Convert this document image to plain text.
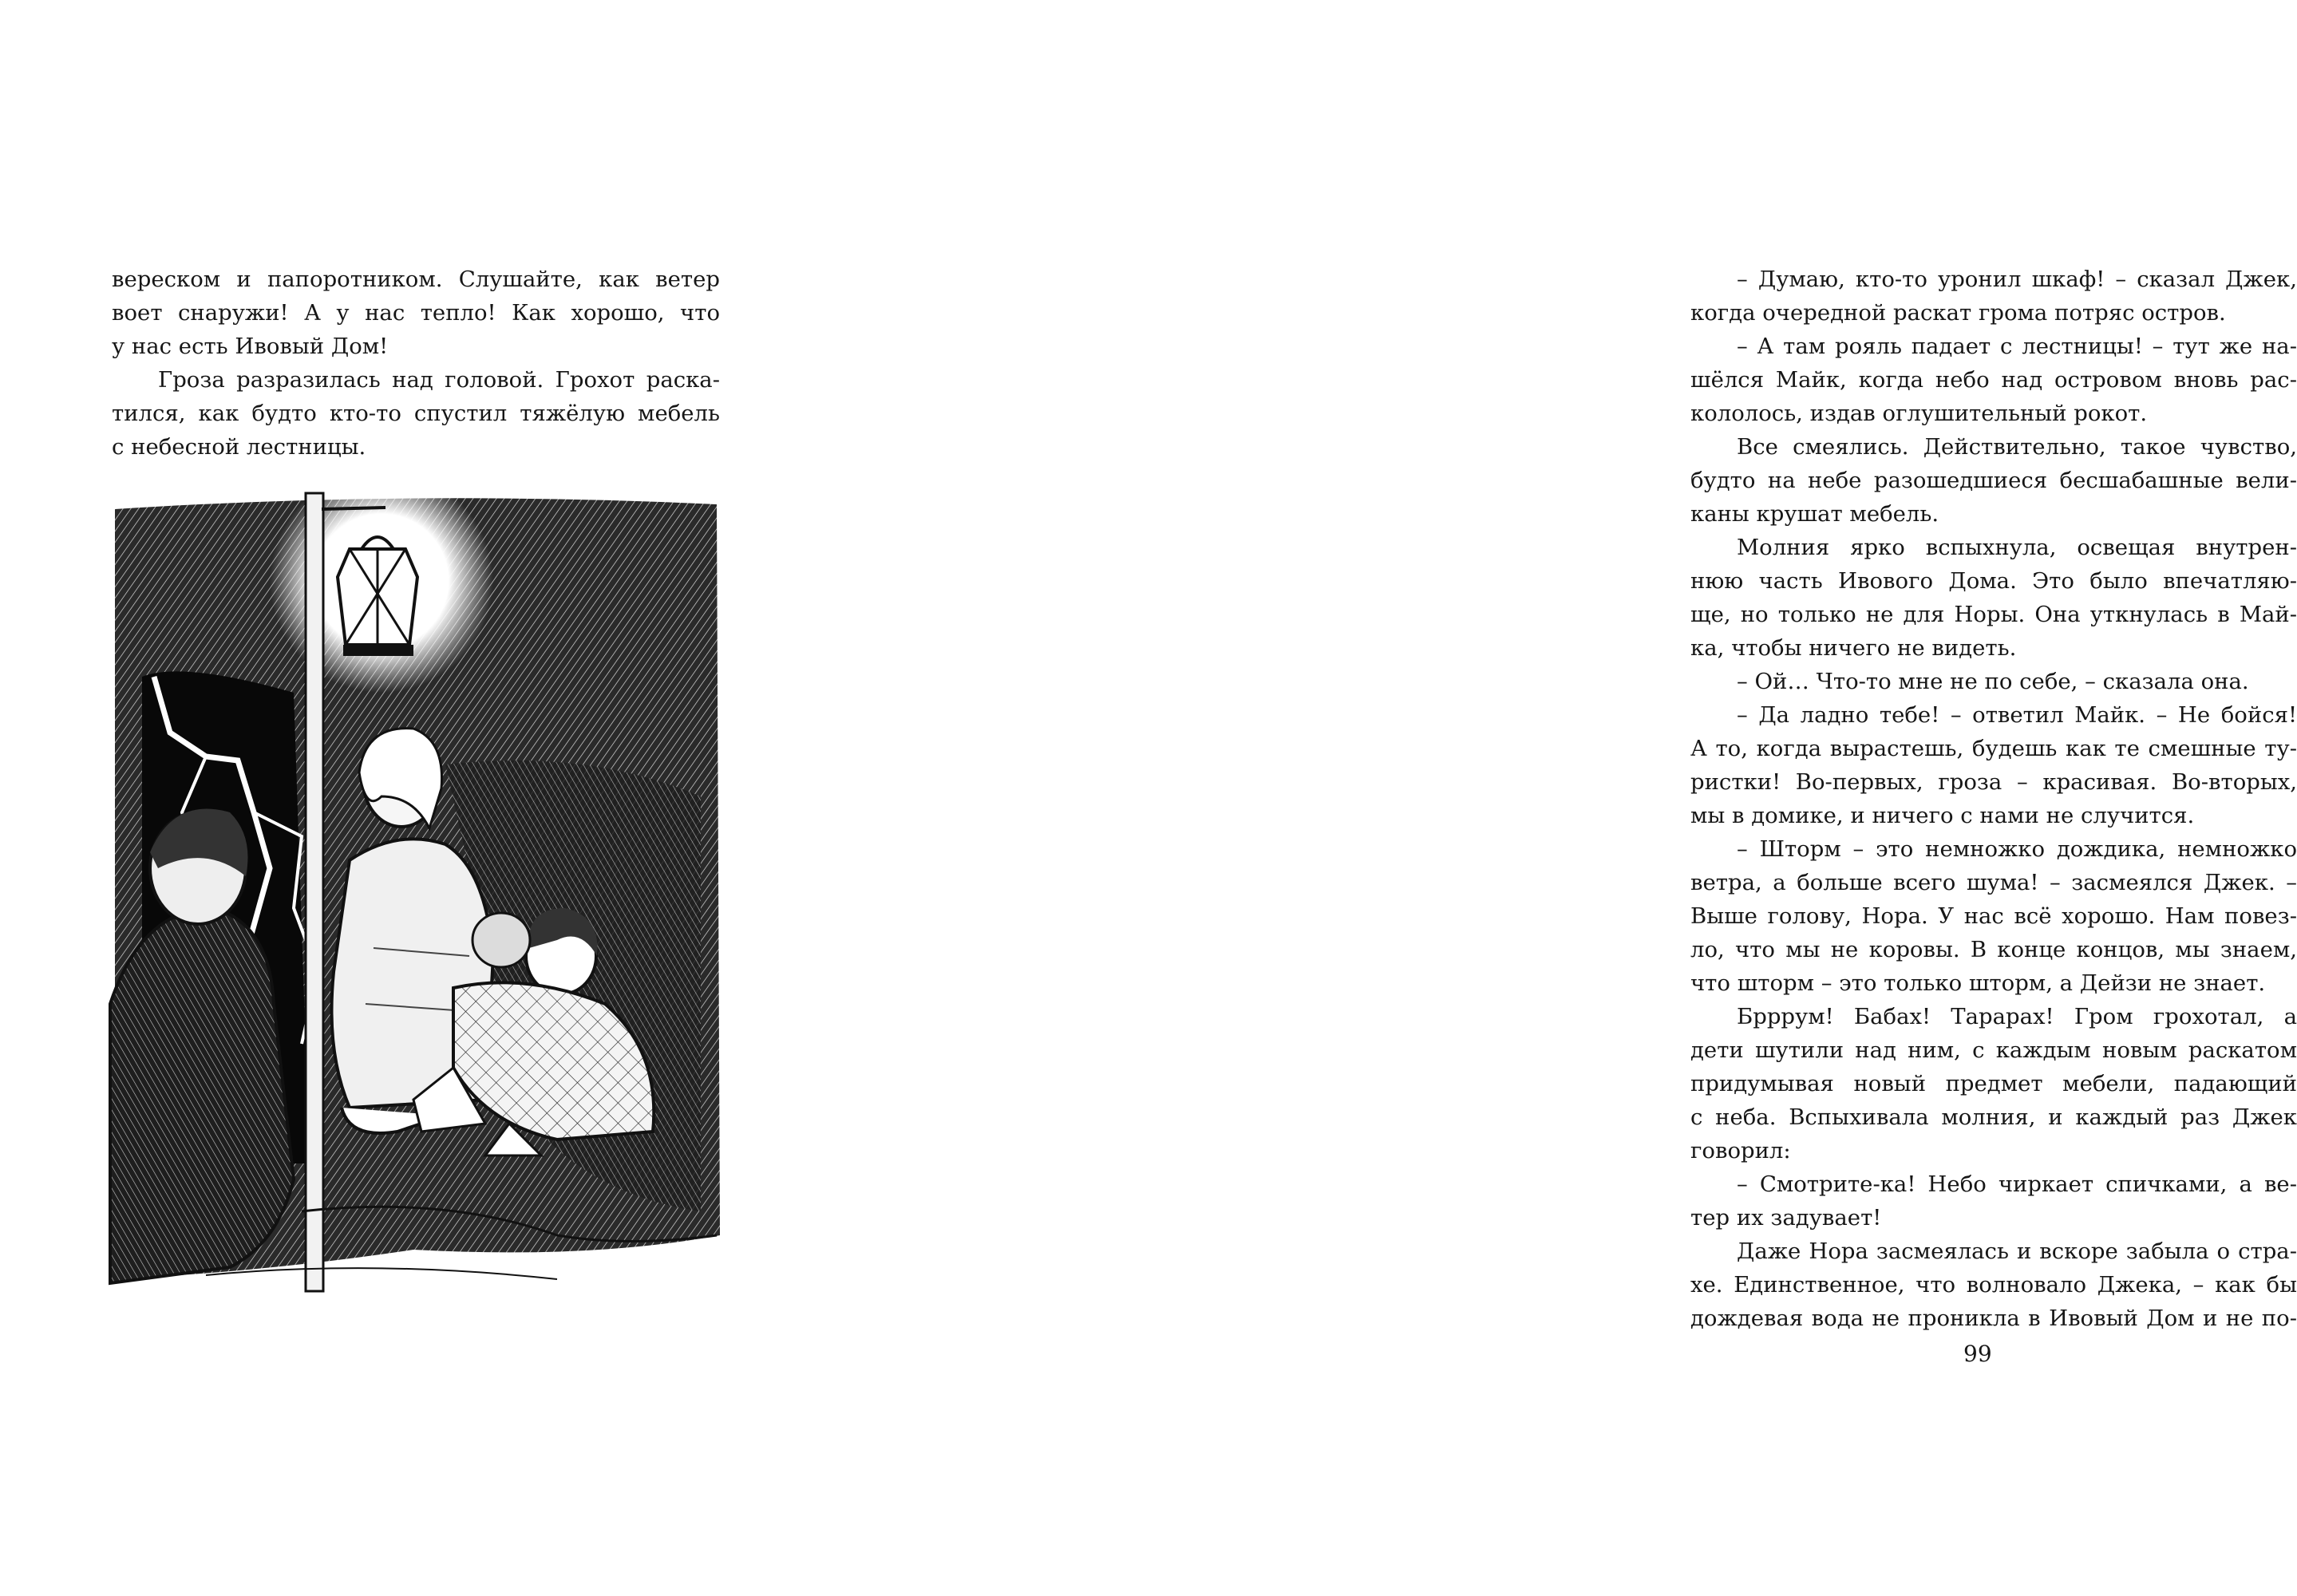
вереском и папоротником. Слушайте, как ветер
воет снаружи! А у нас тепло! Как хорошо, что
у нас есть Ивовый Дом!
Гроза разразилась над головой. Грохот раска-
тился, как будто кто-то спустил тяжёлую мебель
с небесной лестницы.
– Думаю, кто-то уронил шкаф! – сказал Джек,
когда очередной раскат грома потряс остров.
– А там рояль падает с лестницы! – тут же на-
шёлся Майк, когда небо над островом вновь рас-
кололось, издав оглушительный рокот.
Все смеялись. Действительно, такое чувство,
будто на небе разошедшиеся бесшабашные вели-
каны крушат мебель.
Молния ярко вспыхнула, освещая внутрен-
нюю часть Ивового Дома. Это было впечатляю-
ще, но только не для Норы. Она уткнулась в Май-
ка, чтобы ничего не видеть.
– Ой… Что-то мне не по себе, – сказала она.
– Да ладно тебе! – ответил Майк. – Не бойся!
А то, когда вырастешь, будешь как те смешные ту-
ристки! Во-первых, гроза – красивая. Во-вторых,
мы в домике, и ничего с нами не случится.
– Шторм – это немножко дождика, немножко
ветра, а больше всего шума! – засмеялся Джек. –
Выше голову, Нора. У нас всё хорошо. Нам повез-
ло, что мы не коровы. В конце концов, мы знаем,
что шторм – это только шторм, а Дейзи не знает.
Брррум! Бабах! Тарарах! Гром грохотал, а
дети шутили над ним, с каждым новым раскатом
придумывая новый предмет мебели, падающий
с неба. Вспыхивала молния, и каждый раз Джек
говорил:
– Смотрите-ка! Небо чиркает спичками, а ве-
тер их задувает!
Даже Нора засмеялась и вскоре забыла о стра-
хе. Единственное, что волновало Джека, – как бы
дождевая вода не проникла в Ивовый Дом и не по-
99
